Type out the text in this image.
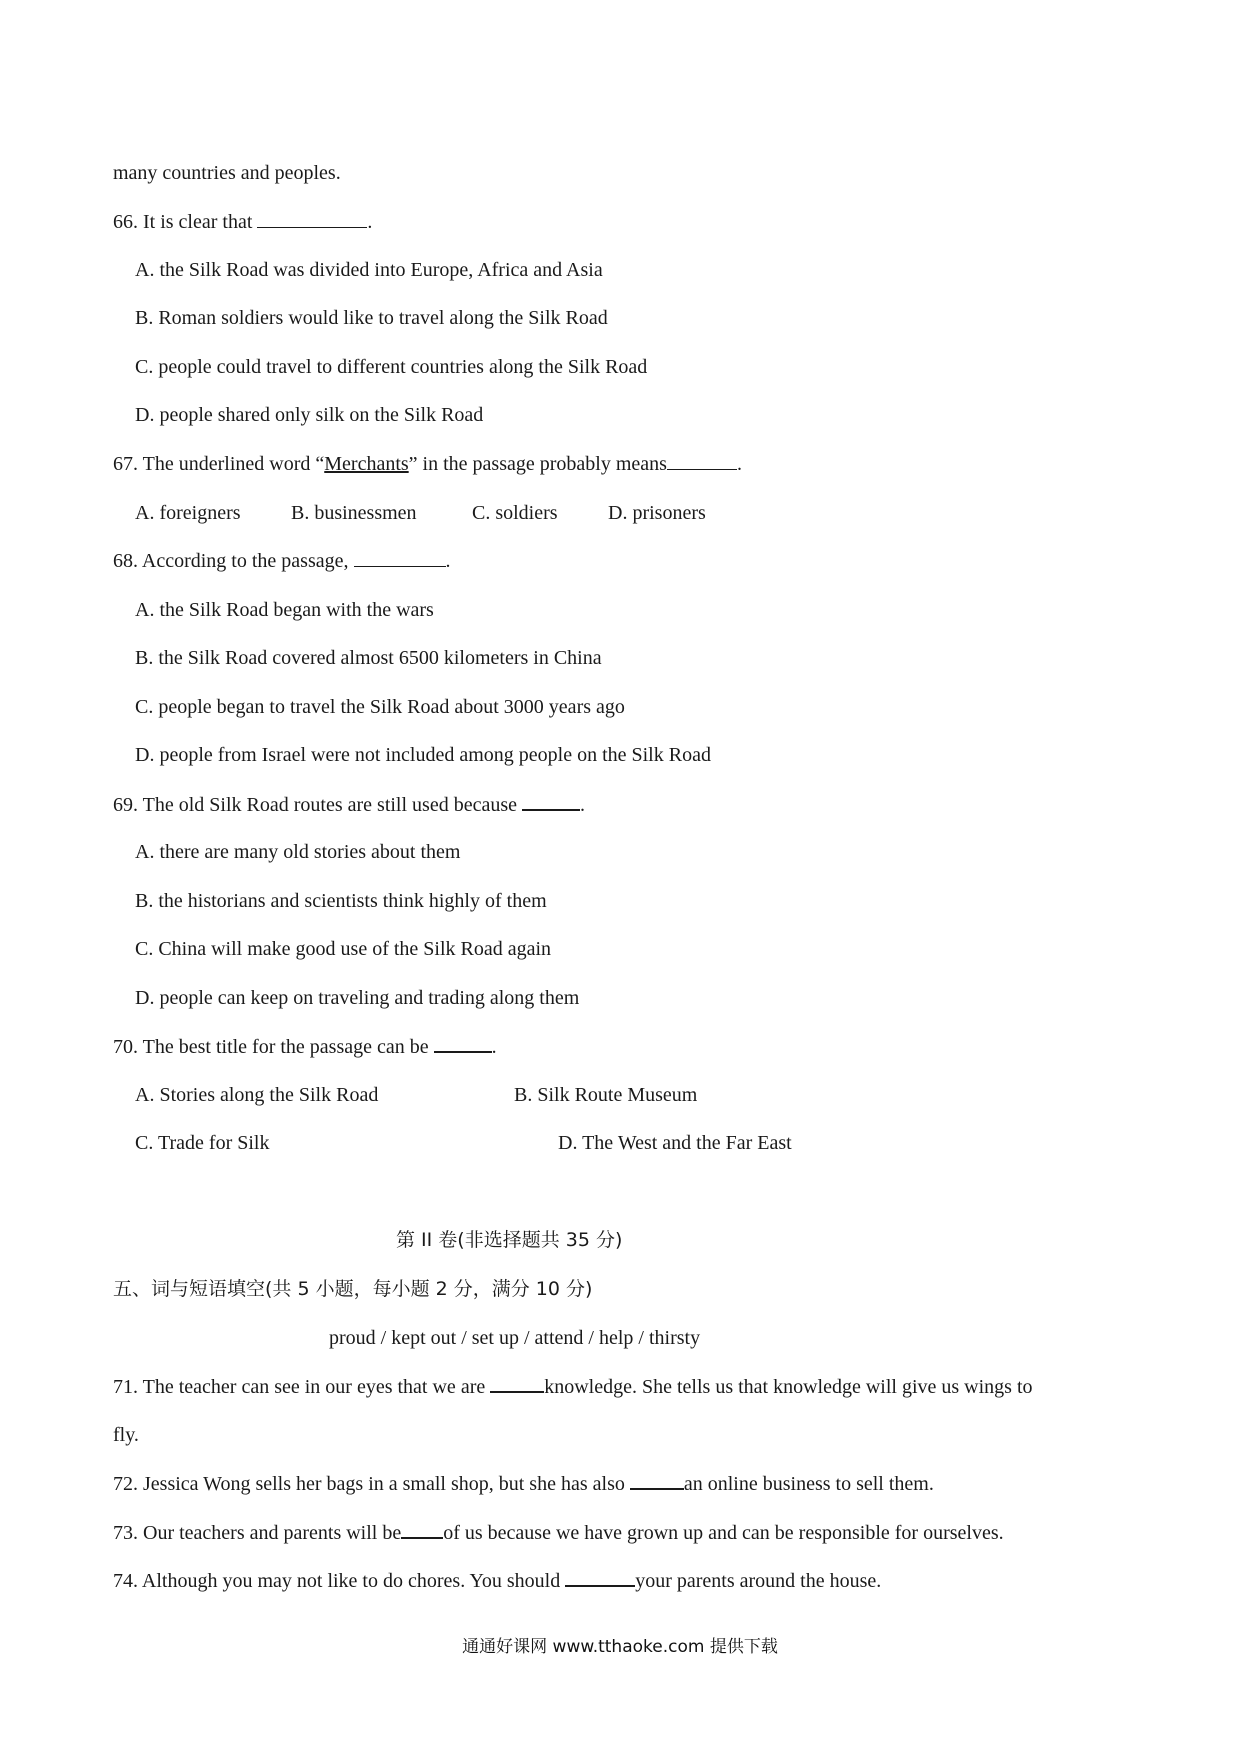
many countries and peoples.
66. It is clear that	.
A. the Silk Road was divided into Europe, Africa and Asia
B. Roman soldiers would like to travel along the Silk Road
C. people could travel to different countries along the Silk Road
D. people shared only silk on the Silk Road
67. The underlined word “Merchants” in the passage probably means	.
A. foreigners	B. businessmen	C. soldiers	D. prisoners
68. According to the passage,	.
A. the Silk Road began with the wars
B. the Silk Road covered almost 6500 kilometers in China
C. people began to travel the Silk Road about 3000 years ago
D. people from Israel were not included among people on the Silk Road
69. The old Silk Road routes are still used because	.
A. there are many old stories about them
B. the historians and scientists think highly of them
C. China will make good use of the Silk Road again
D. people can keep on traveling and trading along them
70. The best title for the passage can be	.
A. Stories along the Silk Road	B. Silk Route Museum
C. Trade for Silk	D. The West and the Far East
第 II 卷(非选择题共 35 分)
五、词与短语填空(共 5 小题，每小题 2 分，满分 10 分)
proud / kept out / set up / attend / help / thirsty
71. The teacher can see in our eyes that we are	knowledge. She tells us that knowledge will give us wings to
fly.
72. Jessica Wong sells her bags in a small shop, but she has also	an online business to sell them.
73. Our teachers and parents will be of us because we have grown up and can be responsible for ourselves.
74. Although you may not like to do chores. You should	your parents around the house.
通通好课网 www.tthaoke.com 提供下载
